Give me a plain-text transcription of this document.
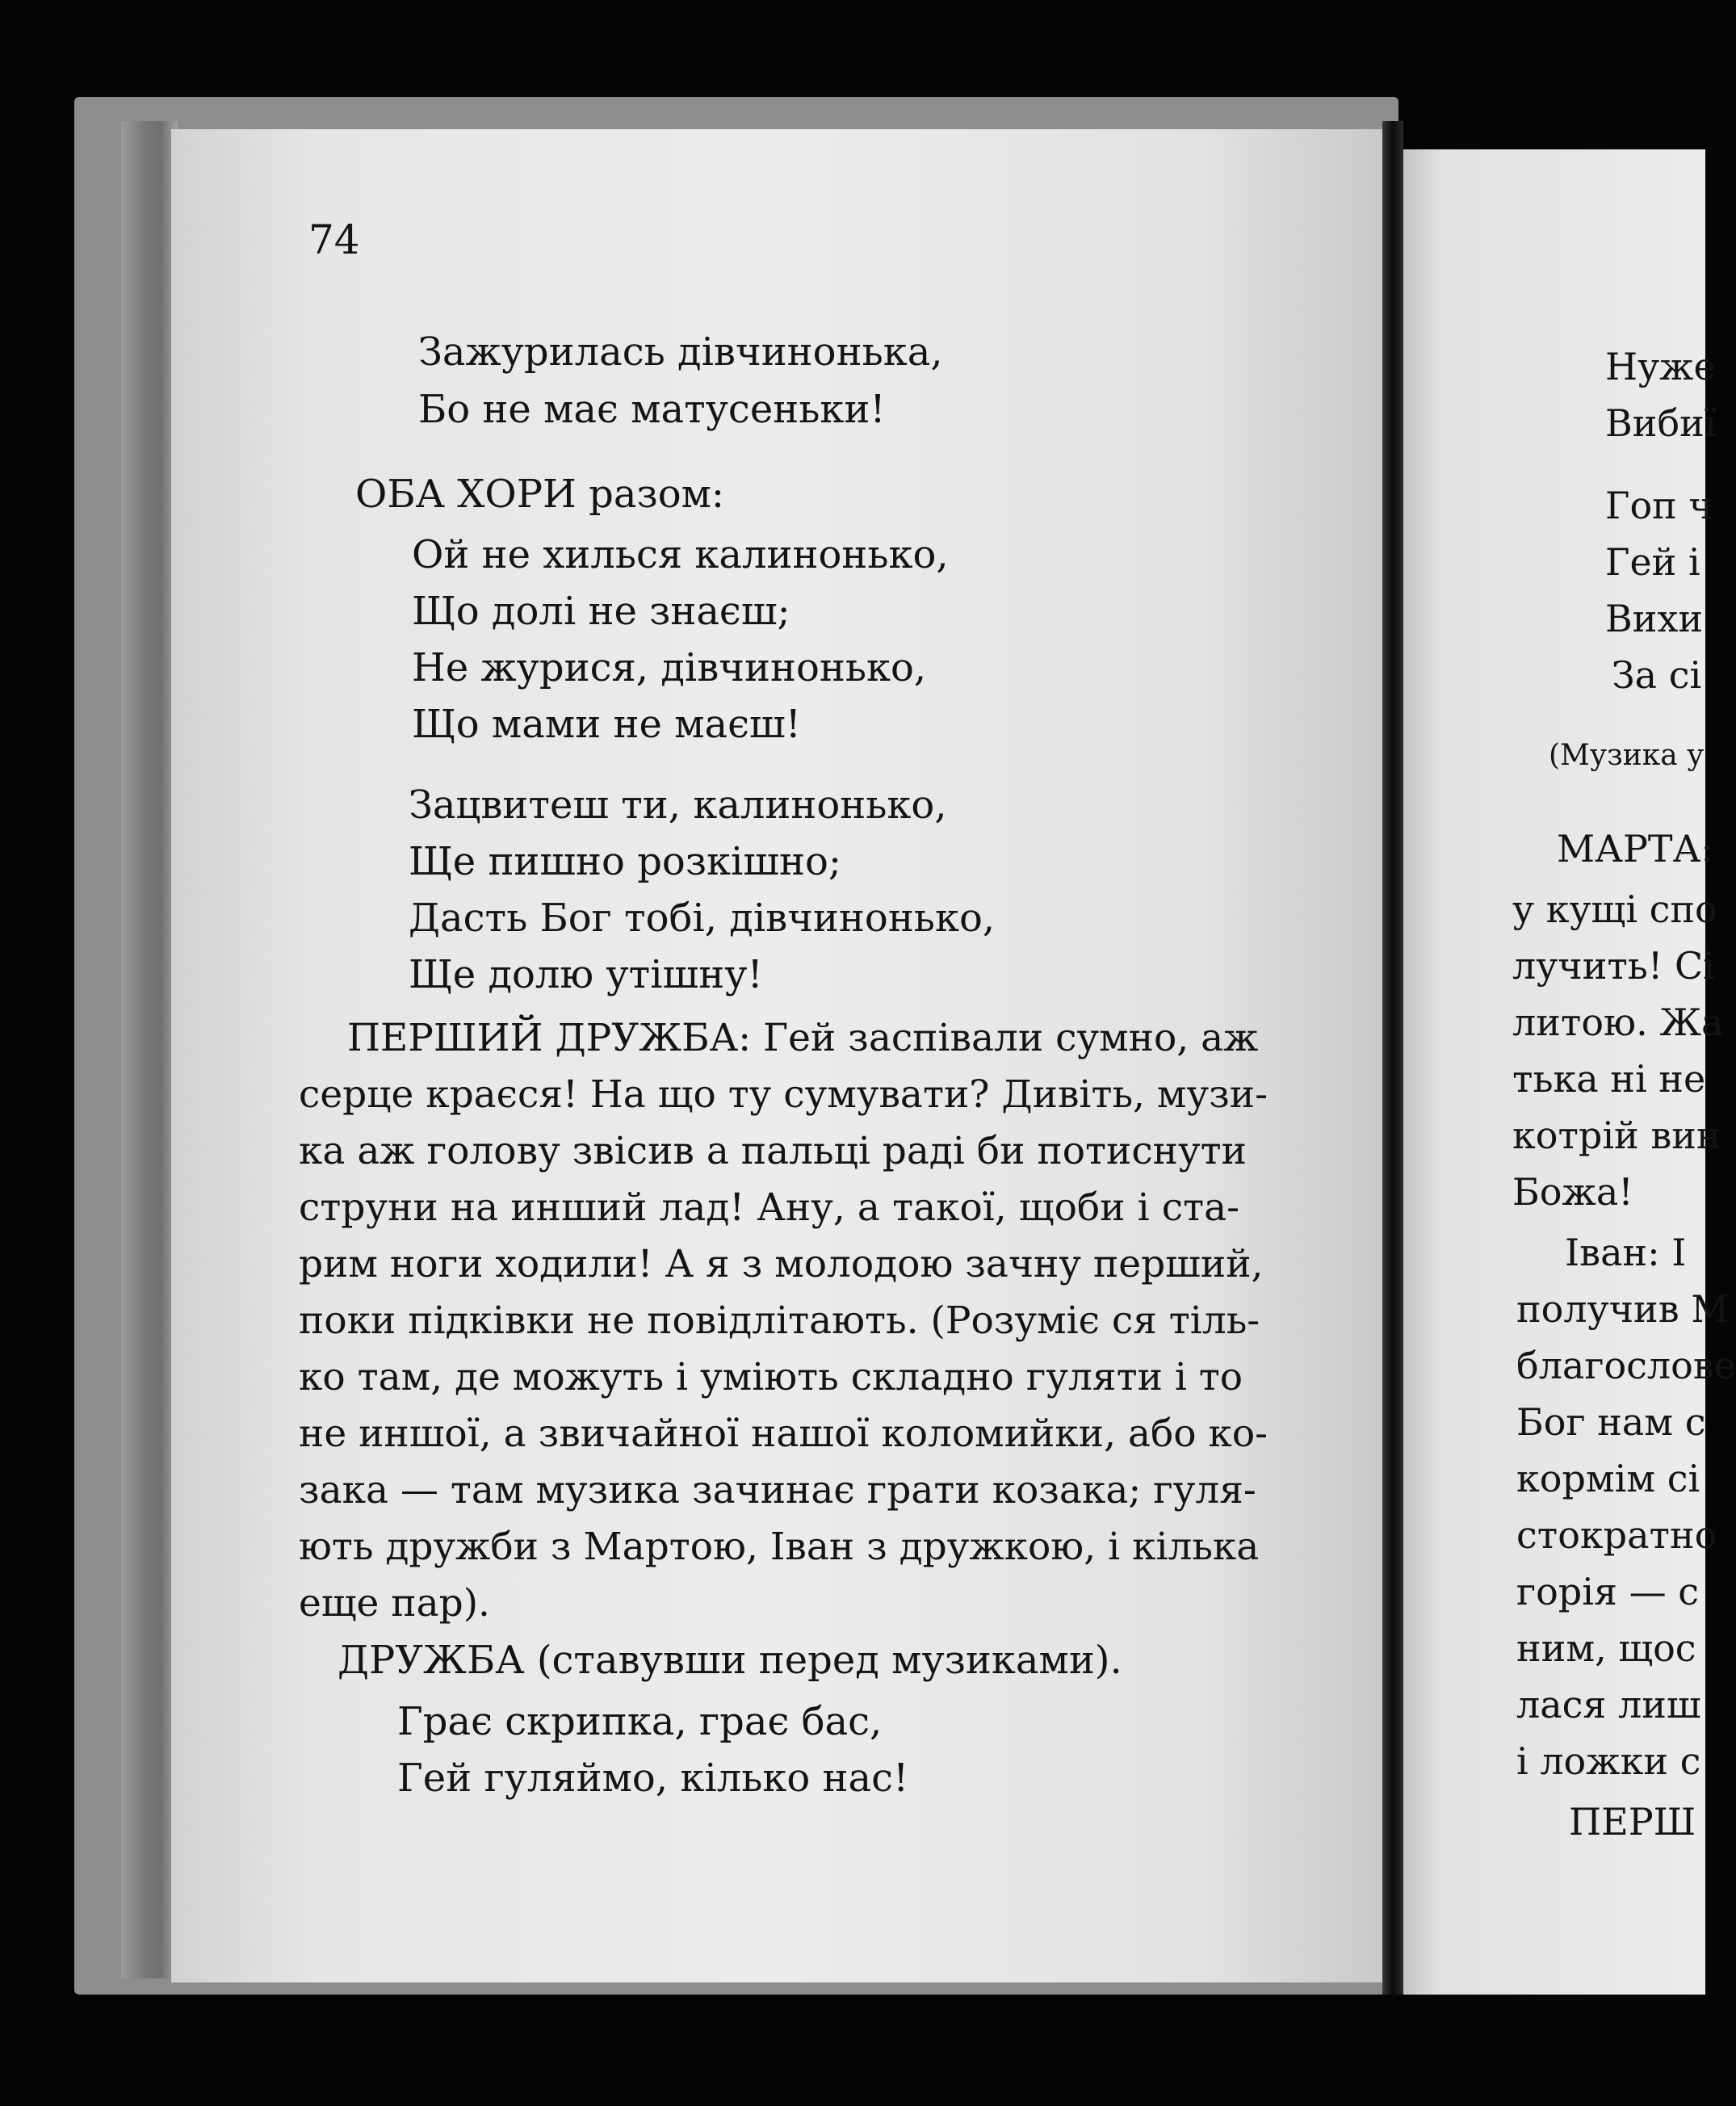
74
Зажурилась дівчинонька,
Бо не має матусеньки!
ОБА ХОРИ разом:
Ой не хилься калинонько,
Що долі не знаєш;
Не журися, дівчинонько,
Що мами не маєш!
Зацвитеш ти, калинонько,
Ще пишно розкішно;
Дасть Бог тобі, дівчинонько,
Ще долю утішну!
ПЕРШИЙ ДРУЖБА: Гей заспівали сумно, аж
серце краєся! На що ту сумувати? Дивіть, музи-
ка аж голову звісив а пальці раді би потиснути
струни на инший лад! Ану, а такої, щоби і ста-
рим ноги ходили! А я з молодою зачну перший,
поки підківки не повідлітають. (Розуміє ся тіль-
ко там, де можуть і уміють складно гуляти і то
не иншої, а звичайної нашої коломийки, або ко-
зака — там музика зачинає грати козака; гуля-
ють дружби з Мартою, Іван з дружкою, і кілька
еще пар).
ДРУЖБА (ставувши перед музиками).
Грає скрипка, грає бас,
Гей гуляймо, кілько нас!
Нуже
Вибиї
Гоп ч
Гей і
Вихи
За сі
(Музика у
МАРТА:
у кущі спо
лучить! Сі
литою. Жа
тька ні не
котрій вин
Божа!
Іван: І
получив М
благослове
Бог нам с
кормім сі
стократно
горія — с
ним, щос
лася лиш
і ложки с
ПЕРШ
